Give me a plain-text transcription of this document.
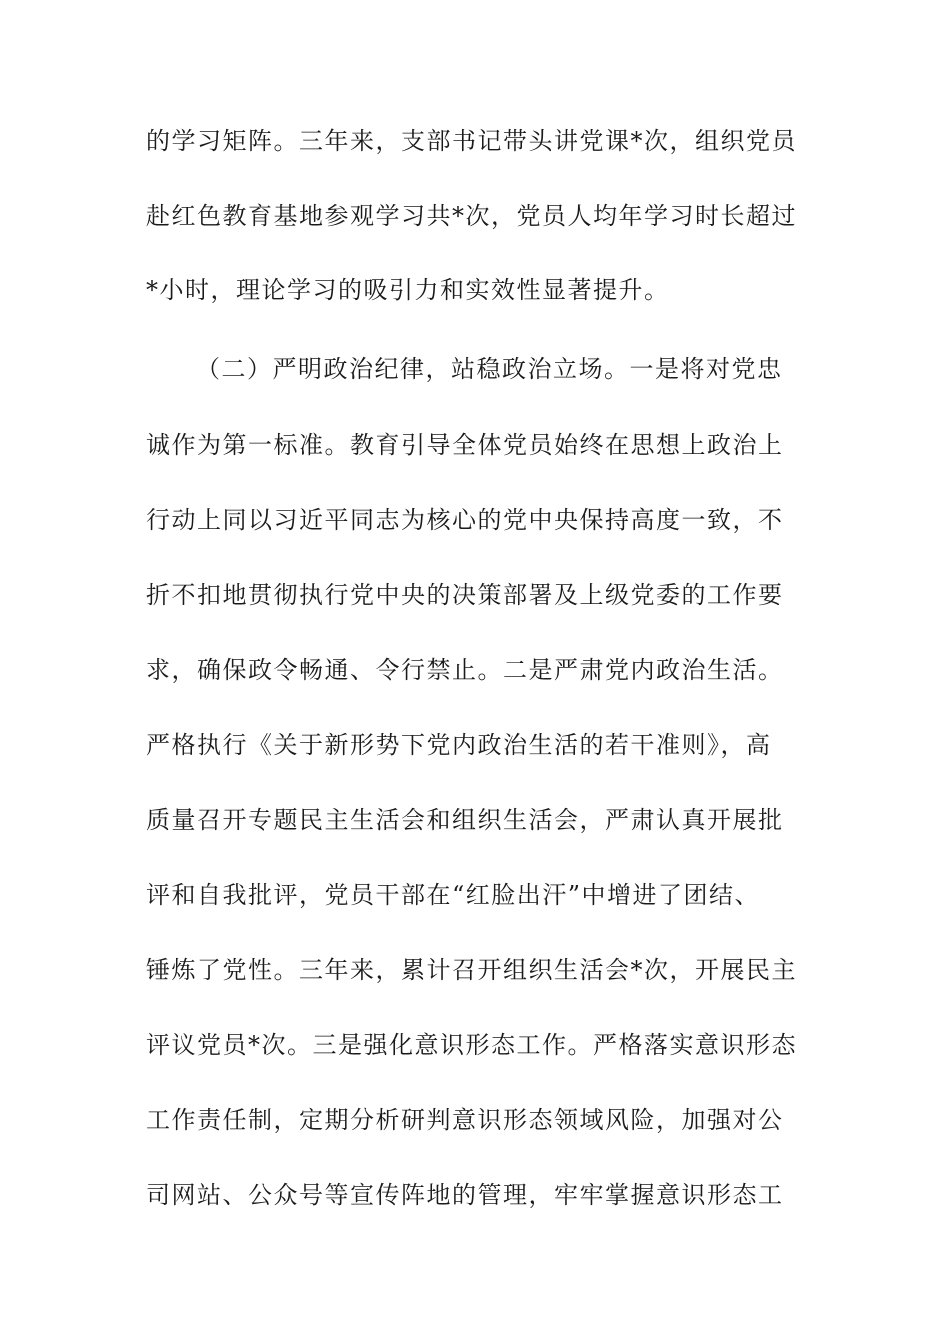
的学习矩阵。三年来，支部书记带头讲党课*次，组织党员

赴红色教育基地参观学习共*次，党员人均年学习时长超过

*小时，理论学习的吸引力和实效性显著提升。

（二）严明政治纪律，站稳政治立场。一是将对党忠

诚作为第一标准。教育引导全体党员始终在思想上政治上

行动上同以习近平同志为核心的党中央保持高度一致，不

折不扣地贯彻执行党中央的决策部署及上级党委的工作要

求，确保政令畅通、令行禁止。二是严肃党内政治生活。

严格执行《关于新形势下党内政治生活的若干准则》，高

质量召开专题民主生活会和组织生活会，严肃认真开展批

评和自我批评，党员干部在“红脸出汗”中增进了团结、

锤炼了党性。三年来，累计召开组织生活会*次，开展民主

评议党员*次。三是强化意识形态工作。严格落实意识形态

工作责任制，定期分析研判意识形态领域风险，加强对公

司网站、公众号等宣传阵地的管理，牢牢掌握意识形态工
